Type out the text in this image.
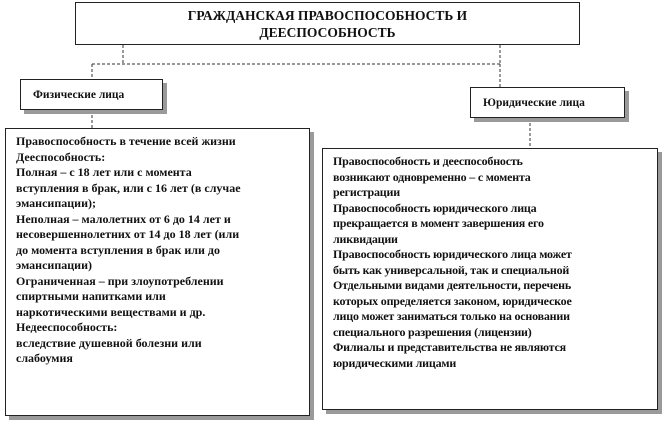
ГРАЖДАНСКАЯ ПРАВОСПОСОБНОСТЬ И
ДЕЕСПОСОБНОСТЬ
Физические лица
Юридические лица
Правоспособность в течение всей жизни
Дееспособность:
Полная – с 18 лет или с момента
вступления в брак, или с 16 лет (в случае
эмансипации);
Неполная – малолетних от 6 до 14 лет и
несовершеннолетних от 14 до 18 лет (или
до момента вступления в брак или до
эмансипации)
Ограниченная – при злоупотреблении
спиртными напитками или
наркотическими веществами и др.
Недееспособность:
вследствие душевной болезни или
слабоумия
Правоспособность и дееспособность
возникают одновременно – с момента
регистрации
Правоспособность юридического лица
прекращается в момент завершения его
ликвидации
Правоспособность юридического лица может
быть как универсальной, так и специальной
Отдельными видами деятельности, перечень
которых определяется законом, юридическое
лицо может заниматься только на основании
специального разрешения (лицензии)
Филиалы и представительства не являются
юридическими лицами
